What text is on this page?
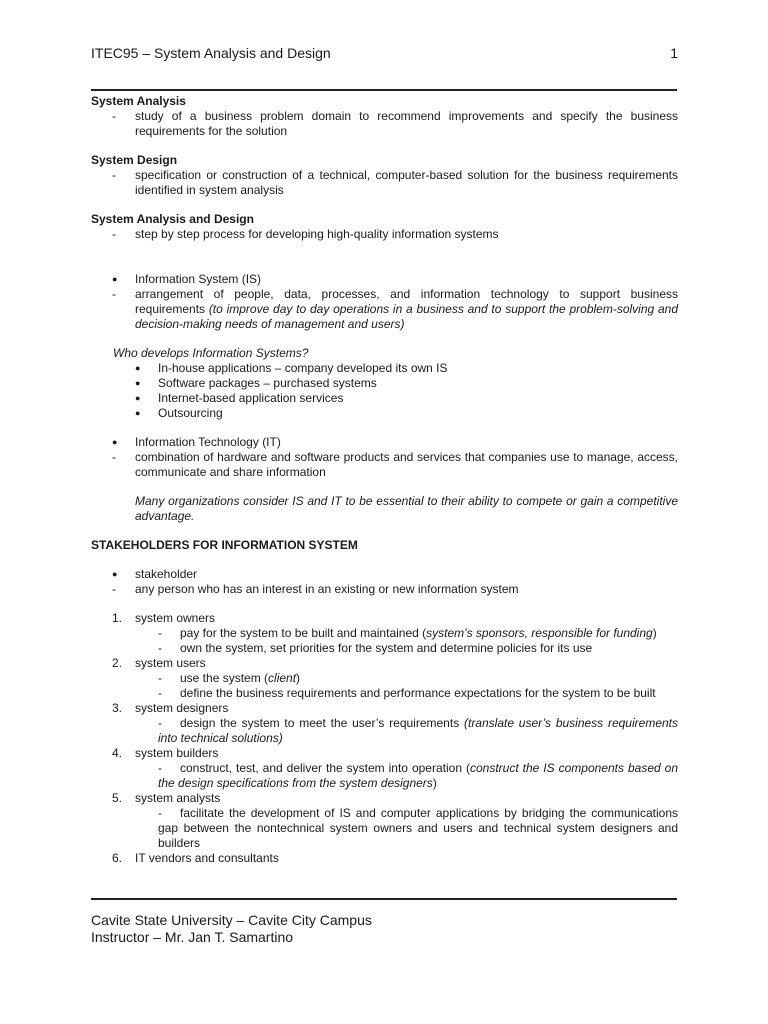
ITEC95 – System Analysis and Design	1
System Analysis
- study of a business problem domain to recommend improvements and specify the business requirements for the solution
System Design
- specification or construction of a technical, computer-based solution for the business requirements identified in system analysis
System Analysis and Design
- step by step process for developing high-quality information systems
● Information System (IS)
- arrangement of people, data, processes, and information technology to support business requirements (to improve day to day operations in a business and to support the problem-solving and decision-making needs of management and users)
Who develops Information Systems?
● In-house applications – company developed its own IS
● Software packages – purchased systems
● Internet-based application services
● Outsourcing
● Information Technology (IT)
- combination of hardware and software products and services that companies use to manage, access, communicate and share information
Many organizations consider IS and IT to be essential to their ability to compete or gain a competitive advantage.
STAKEHOLDERS FOR INFORMATION SYSTEM
● stakeholder
- any person who has an interest in an existing or new information system
1. system owners
-	pay for the system to be built and maintained (system’s sponsors, responsible for funding)
-	own the system, set priorities for the system and determine policies for its use
2. system users
-	use the system (client)
-	define the business requirements and performance expectations for the system to be built
3. system designers
-	design the system to meet the user’s requirements (translate user’s business requirements into technical solutions)
4. system builders
-	construct, test, and deliver the system into operation (construct the IS components based on the design specifications from the system designers)
5. system analysts
-	facilitate the development of IS and computer applications by bridging the communications gap between the nontechnical system owners and users and technical system designers and builders
6. IT vendors and consultants
Cavite State University – Cavite City Campus
Instructor – Mr. Jan T. Samartino
